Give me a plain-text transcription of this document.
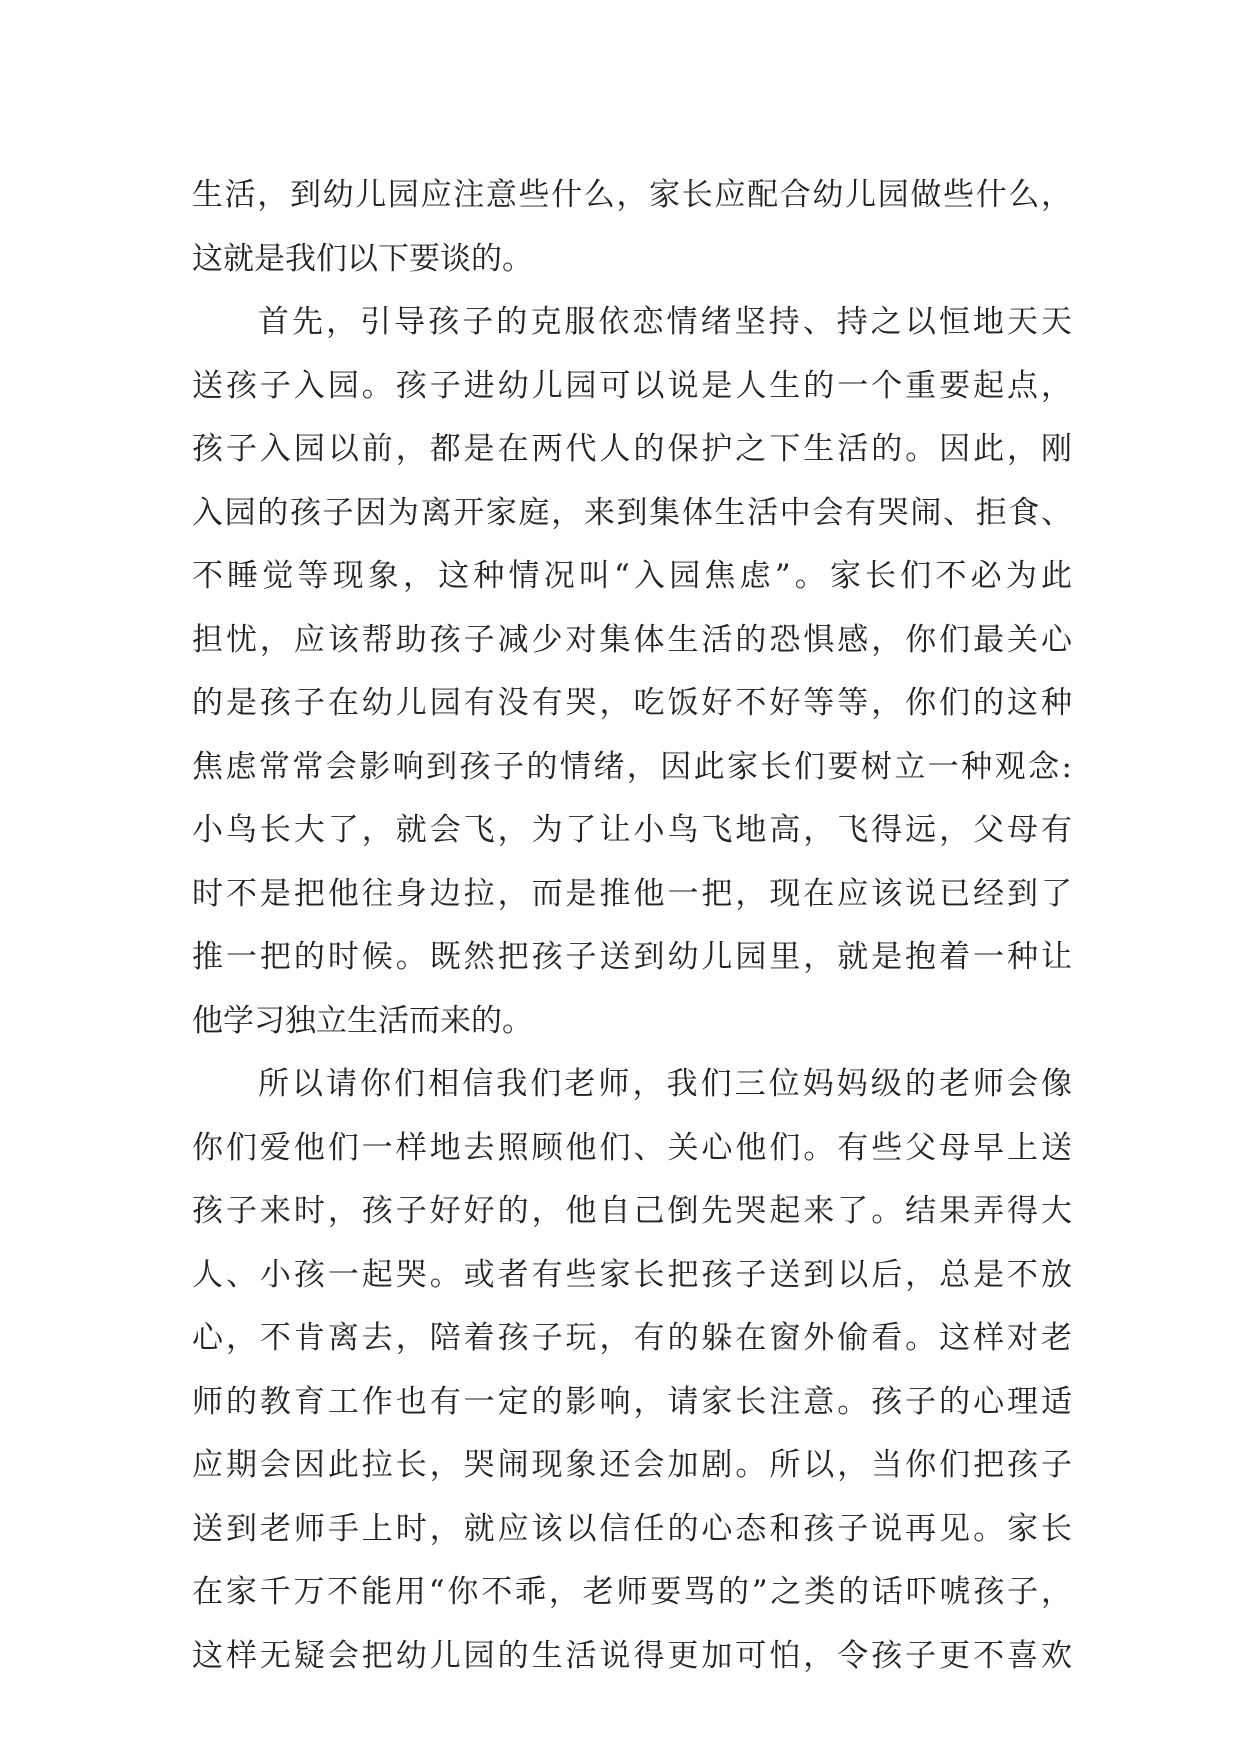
生活，到幼儿园应注意些什么，家长应配合幼儿园做些什么，
这就是我们以下要谈的。
首先，引导孩子的克服依恋情绪坚持、持之以恒地天天
送孩子入园。孩子进幼儿园可以说是人生的一个重要起点，
孩子入园以前，都是在两代人的保护之下生活的。因此，刚
入园的孩子因为离开家庭，来到集体生活中会有哭闹、拒食、
不睡觉等现象，这种情况叫“入园焦虑”。家长们不必为此
担忧，应该帮助孩子减少对集体生活的恐惧感，你们最关心
的是孩子在幼儿园有没有哭，吃饭好不好等等，你们的这种
焦虑常常会影响到孩子的情绪，因此家长们要树立一种观念:
小鸟长大了，就会飞，为了让小鸟飞地高，飞得远，父母有
时不是把他往身边拉，而是推他一把，现在应该说已经到了
推一把的时候。既然把孩子送到幼儿园里，就是抱着一种让
他学习独立生活而来的。
所以请你们相信我们老师，我们三位妈妈级的老师会像
你们爱他们一样地去照顾他们、关心他们。有些父母早上送
孩子来时，孩子好好的，他自己倒先哭起来了。结果弄得大
人、小孩一起哭。或者有些家长把孩子送到以后，总是不放
心，不肯离去，陪着孩子玩，有的躲在窗外偷看。这样对老
师的教育工作也有一定的影响，请家长注意。孩子的心理适
应期会因此拉长，哭闹现象还会加剧。所以，当你们把孩子
送到老师手上时，就应该以信任的心态和孩子说再见。家长
在家千万不能用“你不乖，老师要骂的”之类的话吓唬孩子，
这样无疑会把幼儿园的生活说得更加可怕，令孩子更不喜欢
